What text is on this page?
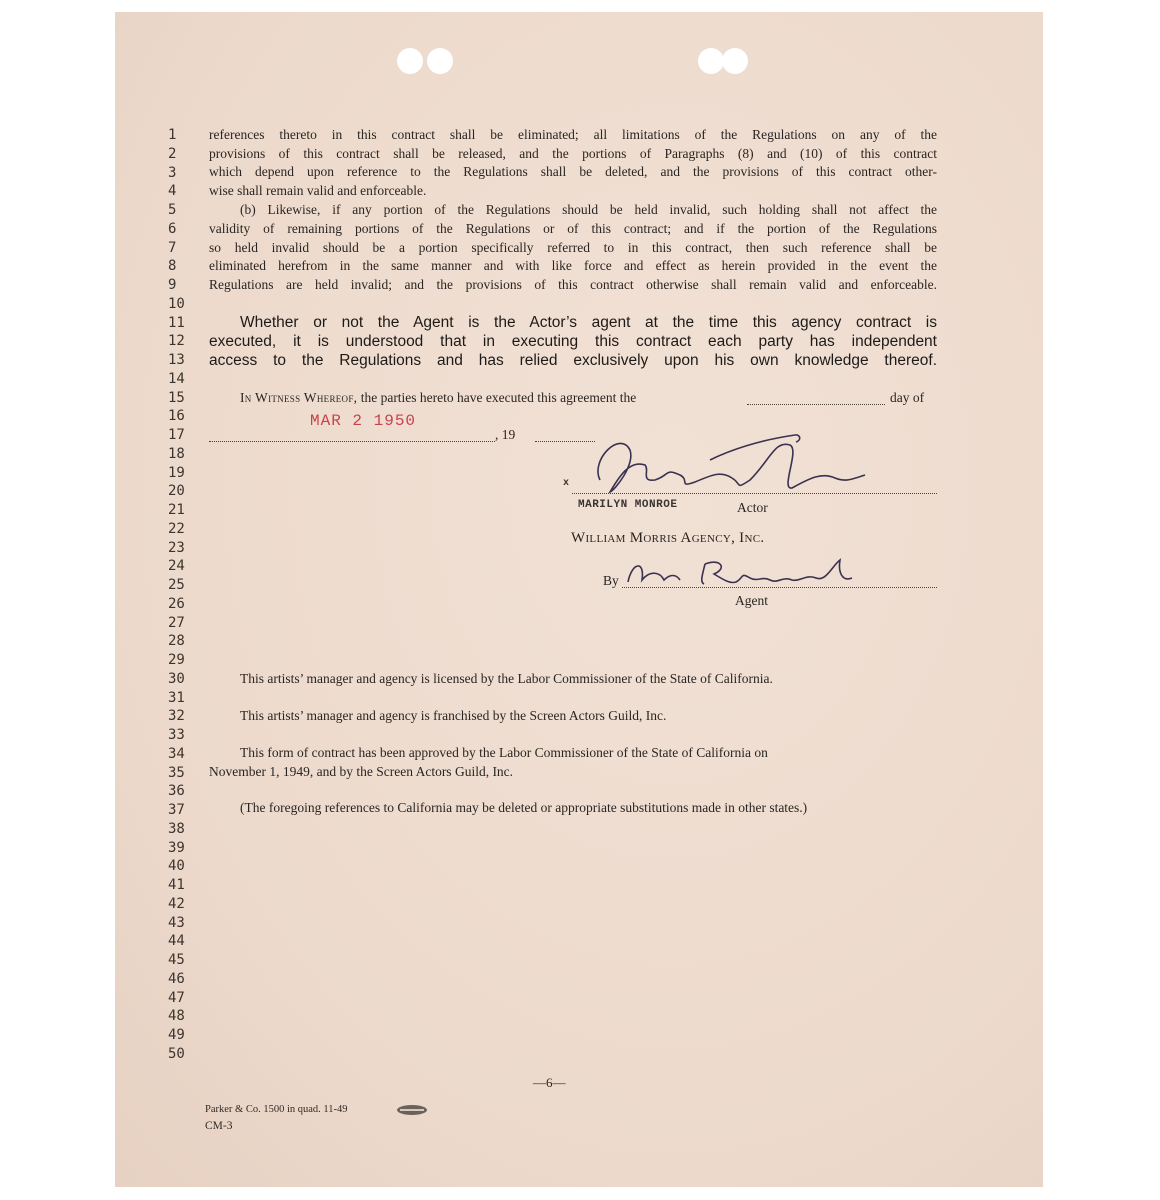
1
2
3
4
5
6
7
8
9
10
11
12
13
14
15
16
17
18
19
20
21
22
23
24
25
26
27
28
29
30
31
32
33
34
35
36
37
38
39
40
41
42
43
44
45
46
47
48
49
50
references thereto in this contract shall be eliminated; all limitations of the Regulations on any of the
provisions of this contract shall be released, and the portions of Paragraphs (8) and (10) of this contract
which depend upon reference to the Regulations shall be deleted, and the provisions of this contract other-
wise shall remain valid and enforceable.
(b) Likewise, if any portion of the Regulations should be held invalid, such holding shall not affect the
validity of remaining portions of the Regulations or of this contract; and if the portion of the Regulations
so held invalid should be a portion specifically referred to in this contract, then such reference shall be
eliminated herefrom in the same manner and with like force and effect as herein provided in the event the
Regulations are held invalid; and the provisions of this contract otherwise shall remain valid and enforceable.
Whether or not the Agent is the Actor’s agent at the time this agency contract is
executed, it is understood that in executing this contract each party has independent
access to the Regulations and has relied exclusively upon his own knowledge thereof.
In Witness Whereof, the parties hereto have executed this agreement the	day of
MAR 2 1950
, 19
x
MARILYN MONROE	Actor
William Morris Agency, Inc.
By
Agent
This artists’ manager and agency is licensed by the Labor Commissioner of the State of California.
This artists’ manager and agency is franchised by the Screen Actors Guild, Inc.
This form of contract has been approved by the Labor Commissioner of the State of California on
November 1, 1949, and by the Screen Actors Guild, Inc.
(The foregoing references to California may be deleted or appropriate substitutions made in other states.)
—6—
Parker & Co. 1500 in quad. 11-49
CM-3
